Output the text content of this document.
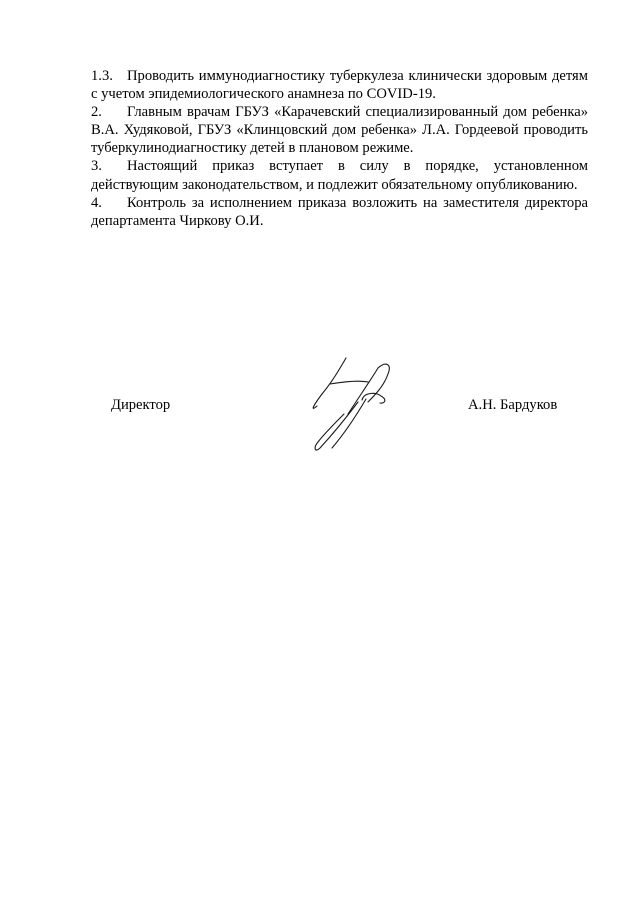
1.3. Проводить иммунодиагностику туберкулеза клинически здоровым детям с учетом эпидемиологического анамнеза по COVID-19.

2. Главным врачам ГБУЗ «Карачевский специализированный дом ребенка» В.А. Худяковой, ГБУЗ «Клинцовский дом ребенка» Л.А. Гордеевой проводить туберкулинодиагностику детей в плановом режиме.

3. Настоящий приказ вступает в силу в порядке, установленном действующим законодательством, и подлежит обязательному опубликованию.

4. Контроль за исполнением приказа возложить на заместителя директора департамента Чиркову О.И.

Директор	А.Н. Бардуков
